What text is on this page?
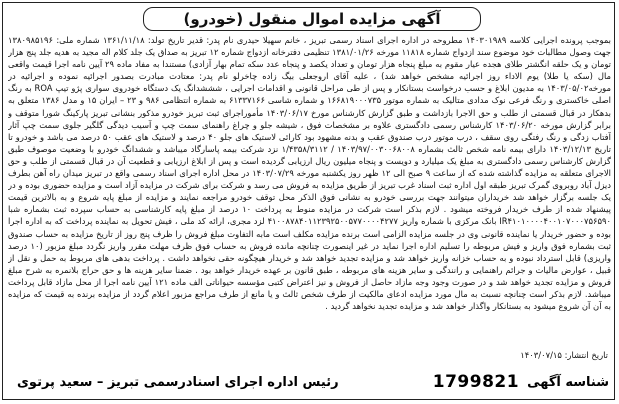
آگهی مزایده اموال منقول (خودرو)

بموجب پرونده اجرایی کلاسه ۱۴۰۳۰۱۹۸۹ مطروحه در اداره اجرای اسناد رسمی تبریز ، خانم سهیلا حیدری نام پدر: قدیر تاریخ تولد: ۱۳۶۱/۱۱/۱۸ شماره ملی: ۱۳۸۰۹۸۵۱۹۶ جهت وصول مطالبات خود موضوع سند ازدواج شماره ۱۱۸۱۸ مورخه ۱۳۸۱/۰۱/۲۶ تنظیمی دفترخانه ازدواج شماره ۱۲ تبریز به صداق یک جلد کلام اله مجید به هدیه جلد پنج هزار تومان و یک حلقه انگشتر طلای هجده عیار مقوم به مبلغ پنجاه هزار تومان و تعداد یکصد و پنجاه عدد سکه تمام بهار آزادی) مستندا به مفاد ماده ۲۹ آیین نامه اجرا قیمت واقعی مال (سکه یا طلا) یوم الاداء روز اجرائیه مشخص خواهد شد) ، علیه آقای اروجعلی بیگ زاده چاخرلو نام پدر: معتادت مبادرت بصدور اجرائیه نموده و اجرائیه در مورخه۱۴۰۳/۰۵/۰۲ به مدیون ابلاغ و حسب درخواست بستانکار و پس از طی مراحل قانونی و اقدامات اجرایی ، شششدانگ یک دستگاه خودروی سواری پژو تیپ ROA به رنگ اصلی خاکستری و رنگ فرعی نوک مدادی متالیک به شماره موتور ۱۶۶۸۱۹۰۰۰۷۳۵ و شماره شاسی ۶۱۳۳۷۱۶۶ به شماره انتظامی ۹۸۶ و ۲۳ – ایران ۱۵ و مدل ۱۳۸۶ متعلق به بدهکار در قبال قسمتی از طلب و حق الاجرا بازداشت و طبق گزارش کارشناس مورخ ۱۴۰۳/۰۶/۱۷ مأموراجرای ثبت تبریز خودرو مذکور بنشانی تبریز پارکینگ شورا متوقف و برابر گزارش مورخه ۱۴۰۳/۰۶/۲۰ کارشناس رسمی دادگستری علاوه بر مشخصات فوق ، شیشه جلو و چراغ راهنمای سمت چپ و آسیب دیدگی گلگیر جلوی سمت چپ آثار آفتاب زدگی و رنگ رفتگی روی سقف ، درب موتور درب صندوق عقب و بدنه مشهود بود کارائی لاستیک های جلو ۴۰ درصد و لاستیک های عقب ۵۰ درصد می باشد و خودرو تا تاریخ ۱۴۰۳/۱۲/۱۳ دارای بیمه نامه شخص ثالث بشماره ۱۴۰۳/۹۷/۰۰۳۰۰۶۸۰۰۸ / ۱/۴۳۵۸/۳۱۱۲ نزد شرکت بیمه پاسارگاد میباشد و ششدانگ خودرو با وضعیت موصوف طبق گزارش کارشناس رسمی دادگستری به مبلغ یک میلیارد و دویست و پنجاه میلیون ریال ارزیابی گردیده است و پس از ابلاغ ارزیابی و قطعیت آن در قبال قسمتی از طلب و حق الاجرای متعلقه به مزایده گذاشته شده که از ساعت ۹ صبح الی ۱۲ ظهر روز یکشنبه مورخه ۱۴۰۳/۰۷/۲۹ در محل اداره اجرای اسناد رسمی واقع در تبریز میدان راه آهن بطرف دیزل آباد روبروی گمرک تبریز طبقه اول اداره ثبت اسناد غرب تبریز از طریق مزایده به فروش می رسد و شرکت برای شرکت در مزایده آزاد است و مزایده حضوری بوده و در یک جلسه برگزار خواهد شد خریداران میتوانند جهت بررسی خودرو به نشانی فوق الذکر محل توقف خودرو مراجعه نمایند و مزایده از مبلغ پایه شروع و به بالاترین قیمت پیشنهاد شده از طرف خریدار فروخته میشود . لازم بذکر است شرکت در مزایده منوط به پرداخت ۱۰ درصد از مبلغ پایه کارشناسی به حساب سپرده ثبت بشماره شبا IR۴۱۰۱۰۰۰۰۴۰۰۱۰۷۰۰۰۷۵۶۵۹۰ بانک مرکزی با شماره واریز ۴۱۰۰۸۷۸۴۰۱۱۲۳۹۲۵۰۰۵۷۷۰۰۰۰۴۲۷۷ لزد مجری، ارائه کد ملی ، فیش تحویل به نماینده پرداخت که به اداره اجرا بوده و حضور خریدار یا نماینده قانونی وی در جلسه مزایده الزامی است برنده مزایده مکلف است مابه التفاوت مبلغ فروش را ظرف پنج روز از تاریخ مزایده به حساب صندوق ثبت بشماره فوق واریز و فیش مربوطه را تسلیم اداره اجرا نماید در غیر اینصورت چنانچه مانده فروش به حساب فوق ظرف مهلت مقرر واریز نگردد مبلغ مزبور (۱۰ درصد واریزی) قابل استرداد نبوده و به حساب خزانه واریز خواهد شد و مزایده تجدید خواهد شد و خریدار هیچگونه حقی نخواهد داشت . پرداخت بدهی های مربوط به حمل و نقل از قبیل ، عوارض مالیات و جرائم راهنمایی و رانندگی و سایر هزینه های مربوطه ، طبق قانون بر عهده خریدار خواهد بود . ضمنا سایر هزینه ها و حق حراج بلانمره به شرح مبلغ فروش و مزایده تجدید خواهد شد و در صورت وجود وجه مازاد حاصل از فروش و نیز اعتراض کتبی مؤسسه حیواناتی الف ماده ۱۲۱ آیین نامه اجرا از محل مازاد قابل پرداخت میباشد. لازم بذکر است چنانچه نسبت به مال مورد مزایده ادعای مالکیت از طرف شخص ثالث و یا مانع از طرف مراجع مزبور اعلام گردد از مزایده برنده به قیمت که مزایده به آن آن شروع میشود به بستانکار واگذار خواهد شد و مزایده تجدید نخواهد گردید .

تاریخ انتشار: ۱۴۰۳/۰۷/۱۵
شناسه آگهی
1799821
رئیس اداره اجرای اسنادرسمی تبریز – سعید پرتوی
